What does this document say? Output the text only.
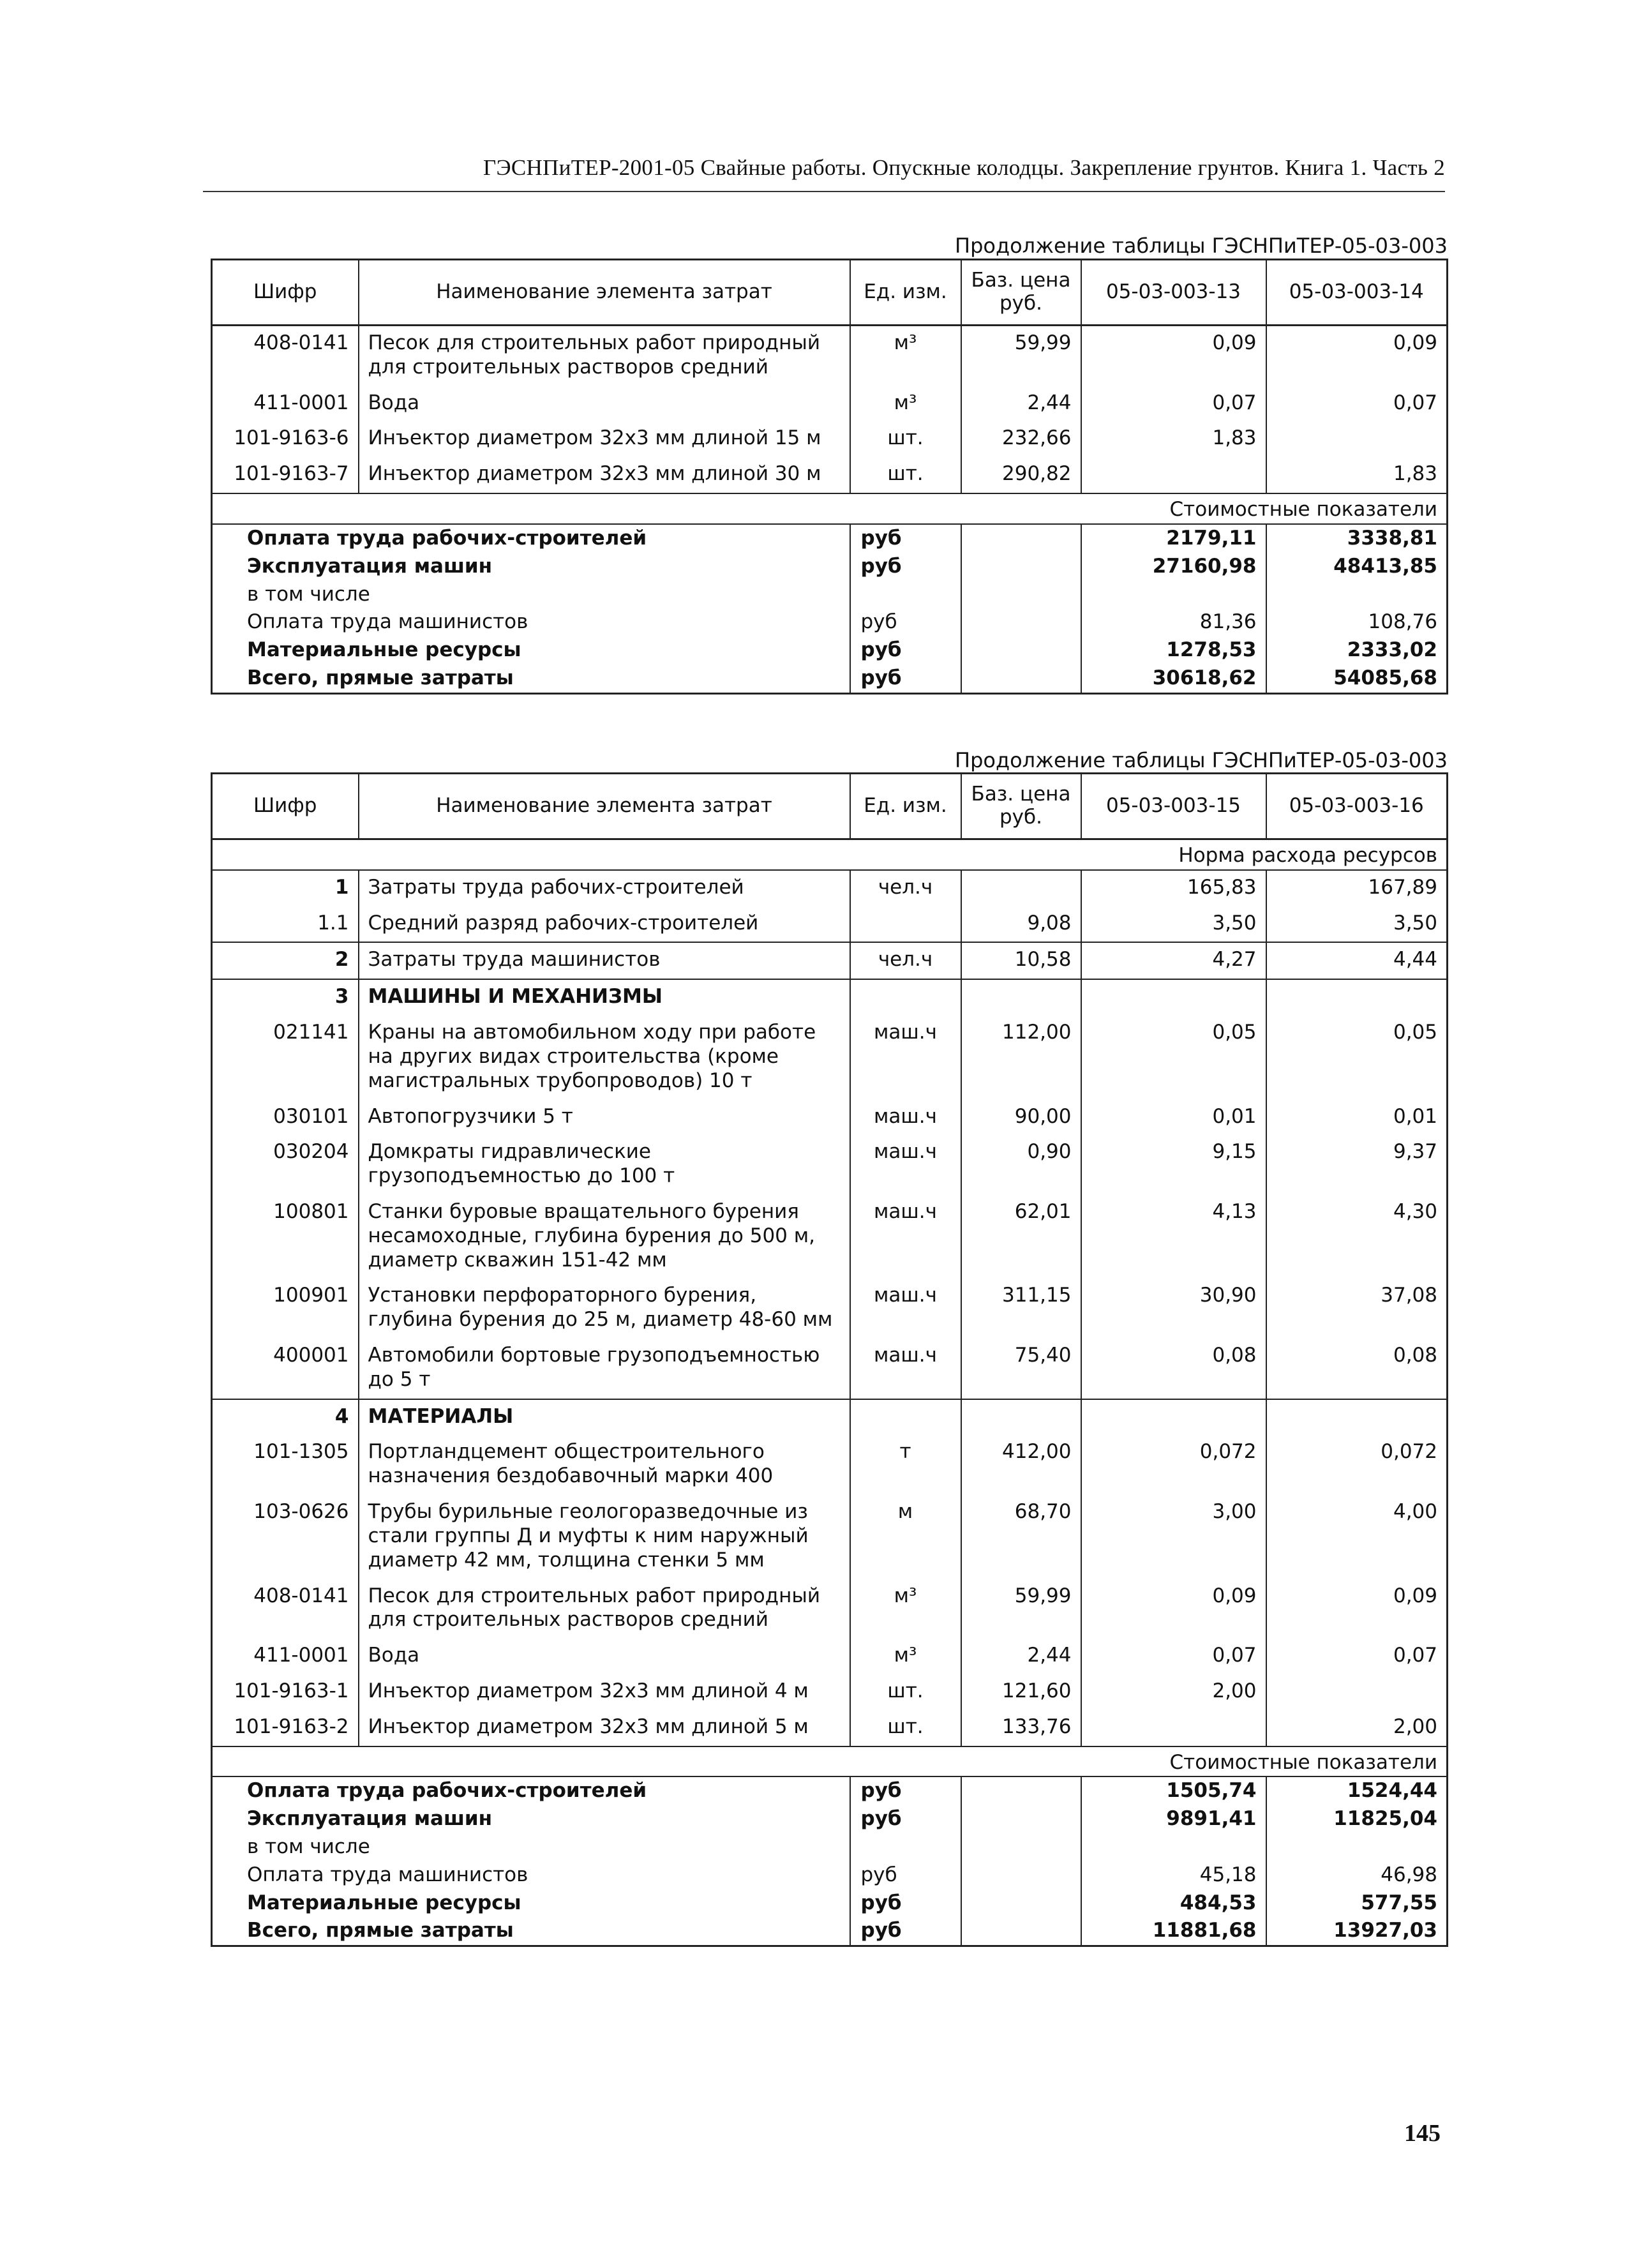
ГЭСНПиТЕР-2001-05 Свайные работы. Опускные колодцы. Закрепление грунтов. Книга 1. Часть 2
Продолжение таблицы ГЭСНПиТЕР-05-03-003
Шифр	Наименование элемента затрат	Ед. изм.	Баз. цена руб.	05-03-003-13	05-03-003-14
408-0141	Песок для строительных работ природный для строительных растворов средний	м³	59,99	0,09	0,09
411-0001	Вода	м³	2,44	0,07	0,07
101-9163-6	Инъектор диаметром 32х3 мм длиной 15 м	шт.	232,66	1,83	
101-9163-7	Инъектор диаметром 32х3 мм длиной 30 м	шт.	290,82		1,83
Стоимостные показатели					
Оплата труда рабочих-строителей		руб		2179,11	3338,81
Эксплуатация машин		руб		27160,98	48413,85
в том числе					
Оплата труда машинистов		руб		81,36	108,76
Материальные ресурсы		руб		1278,53	2333,02
Всего, прямые затраты		руб		30618,62	54085,68
Продолжение таблицы ГЭСНПиТЕР-05-03-003
Шифр	Наименование элемента затрат	Ед. изм.	Баз. цена руб.	05-03-003-15	05-03-003-16
Норма расхода ресурсов					
1	Затраты труда рабочих-строителей	чел.ч		165,83	167,89
1.1	Средний разряд рабочих-строителей		9,08	3,50	3,50
2	Затраты труда машинистов	чел.ч	10,58	4,27	4,44
3	МАШИНЫ И МЕХАНИЗМЫ				
021141	Краны на автомобильном ходу при работе на других видах строительства (кроме магистральных трубопроводов) 10 т	маш.ч	112,00	0,05	0,05
030101	Автопогрузчики 5 т	маш.ч	90,00	0,01	0,01
030204	Домкраты гидравлические грузоподъемностью до 100 т	маш.ч	0,90	9,15	9,37
100801	Станки буровые вращательного бурения несамоходные, глубина бурения до 500 м, диаметр скважин 151-42 мм	маш.ч	62,01	4,13	4,30
100901	Установки перфораторного бурения, глубина бурения до 25 м, диаметр 48-60 мм	маш.ч	311,15	30,90	37,08
400001	Автомобили бортовые грузоподъемностью до 5 т	маш.ч	75,40	0,08	0,08
4	МАТЕРИАЛЫ				
101-1305	Портландцемент общестроительного назначения бездобавочный марки 400	т	412,00	0,072	0,072
103-0626	Трубы бурильные геологоразведочные из стали группы Д и муфты к ним наружный диаметр 42 мм, толщина стенки 5 мм	м	68,70	3,00	4,00
408-0141	Песок для строительных работ природный для строительных растворов средний	м³	59,99	0,09	0,09
411-0001	Вода	м³	2,44	0,07	0,07
101-9163-1	Инъектор диаметром 32х3 мм длиной 4 м	шт.	121,60	2,00	
101-9163-2	Инъектор диаметром 32х3 мм длиной 5 м	шт.	133,76		2,00
Стоимостные показатели					
Оплата труда рабочих-строителей		руб		1505,74	1524,44
Эксплуатация машин		руб		9891,41	11825,04
в том числе					
Оплата труда машинистов		руб		45,18	46,98
Материальные ресурсы		руб		484,53	577,55
Всего, прямые затраты		руб		11881,68	13927,03
145
